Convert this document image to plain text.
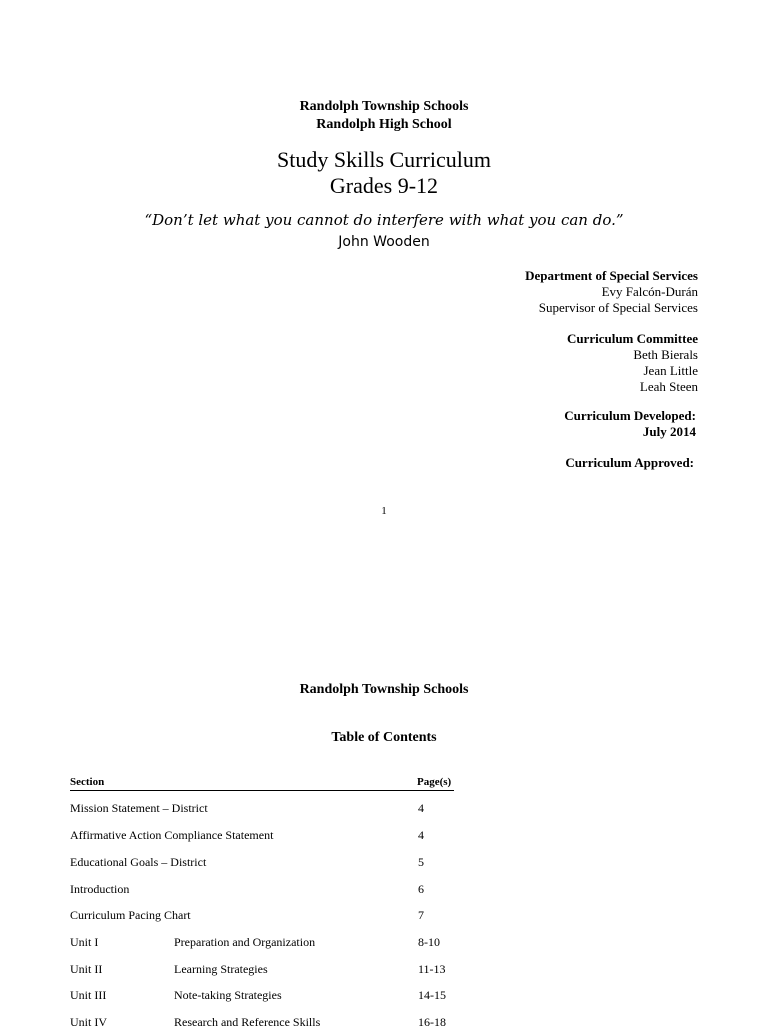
Randolph Township Schools
Randolph High School
Study Skills Curriculum
Grades 9-12
“Don’t let what you cannot do interfere with what you can do.”
John Wooden
Department of Special Services
Evy Falcón-Durán
Supervisor of Special Services
Curriculum Committee
Beth Bierals
Jean Little
Leah Steen
Curriculum Developed:
July 2014
Curriculum Approved:
1
Randolph Township Schools
Table of Contents
Section	Page(s)
Mission Statement – District	4
Affirmative Action Compliance Statement	4
Educational Goals – District	5
Introduction	6
Curriculum Pacing Chart	7
Unit I	Preparation and Organization	8-10
Unit II	Learning Strategies	11-13
Unit III	Note-taking Strategies	14-15
Unit IV	Research and Reference Skills	16-18
